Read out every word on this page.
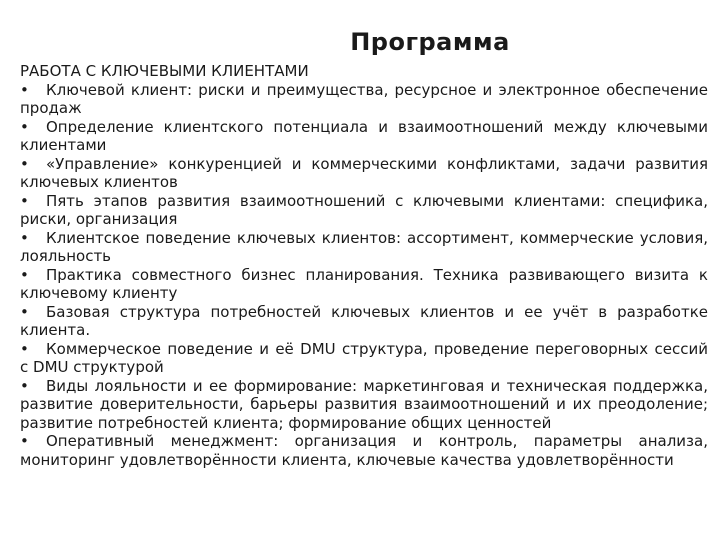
Программа

РАБОТА С КЛЮЧЕВЫМИ КЛИЕНТАМИ

• Ключевой клиент: риски и преимущества, ресурсное и электронное обеспечение продаж
• Определение клиентского потенциала и взаимоотношений между ключевыми клиентами
• «Управление» конкуренцией и коммерческими конфликтами, задачи развития ключевых клиентов
• Пять этапов развития взаимоотношений с ключевыми клиентами: специфика, риски, организация
• Клиентское поведение ключевых клиентов: ассортимент, коммерческие условия, лояльность
• Практика совместного бизнес планирования. Техника развивающего визита к ключевому клиенту
• Базовая структура потребностей ключевых клиентов и ее учёт в разработке клиента.
• Коммерческое поведение и её DMU структура, проведение переговорных сессий с DMU структурой
• Виды лояльности и ее формирование: маркетинговая и техническая поддержка, развитие доверительности, барьеры развития взаимоотношений и их преодоление; развитие потребностей клиента; формирование общих ценностей
• Оперативный менеджмент: организация и контроль, параметры анализа, мониторинг удовлетворённости клиента, ключевые качества удовлетворённости
